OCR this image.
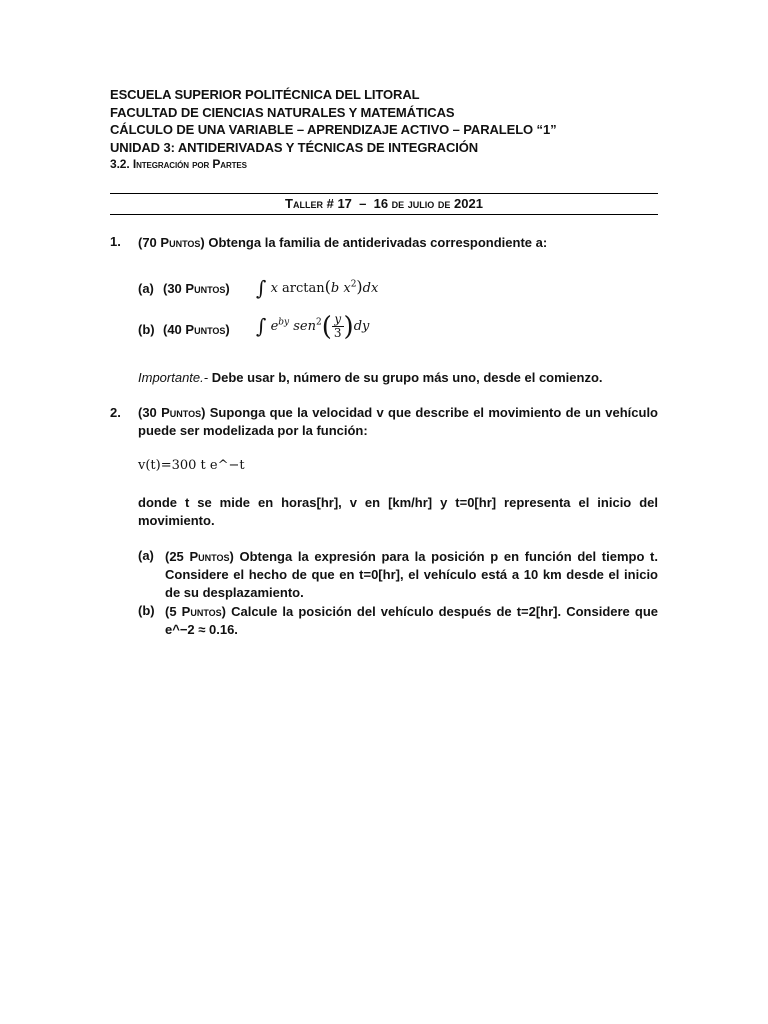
ESCUELA SUPERIOR POLITÉCNICA DEL LITORAL
FACULTAD DE CIENCIAS NATURALES Y MATEMÁTICAS
CÁLCULO DE UNA VARIABLE – APRENDIZAJE ACTIVO – PARALELO “1”
UNIDAD 3: ANTIDERIVADAS Y TÉCNICAS DE INTEGRACIÓN
3.2. Integración por Partes
Taller # 17 – 16 de julio de 2021
1. (70 Puntos) Obtenga la familia de antiderivadas correspondiente a:
(a) (30 Puntos) ∫ x arctan(b $x^2)dx$
(b) (40 Puntos) ∫ $e^{by}$ $sen^2( \frac{y}{3} )dy$
Importante.- Debe usar b, número de su grupo más uno, desde el comienzo.
2. (30 Puntos) Suponga que la velocidad v que describe el movimiento de un vehículo puede ser modelizada por la función:
v(t)=300 t e^−t
donde t se mide en horas[hr], v en [km/hr] y t=0[hr] representa el inicio del movimiento.
(a) (25 Puntos) Obtenga la expresión para la posición p en función del tiempo t. Considere el hecho de que en t=0[hr], el vehículo está a 10 km desde el inicio de su desplazamiento.
(b) (5 Puntos) Calcule la posición del vehículo después de t=2[hr]. Considere que e^−2 ≈ 0.16.
